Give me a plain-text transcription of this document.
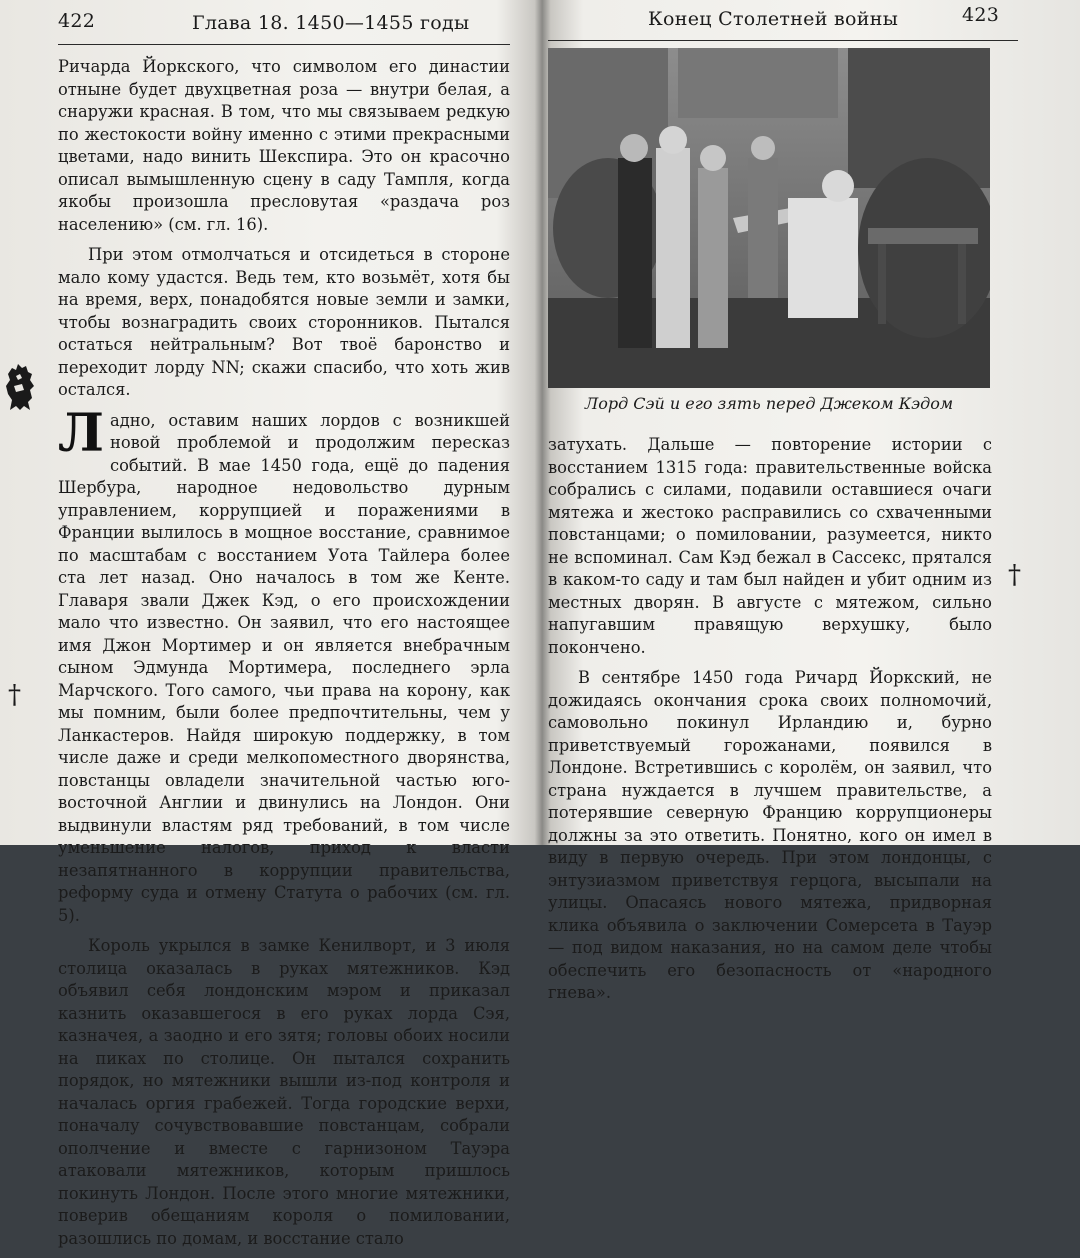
422	Глава 18. 1450—1455 годы
†

Ричарда Йоркского, что символом его династии отныне будет двухцветная роза — внутри белая, а снаружи красная. В том, что мы связываем редкую по жестокости войну именно с этими прекрасными цветами, надо винить Шекспира. Это он красочно описал вымышленную сцену в саду Тампля, когда якобы произошла пресловутая «раздача роз населению» (см. гл. 16).

При этом отмолчаться и отсидеться в стороне мало кому удастся. Ведь тем, кто возьмёт, хотя бы на время, верх, понадобятся новые земли и замки, чтобы вознаградить своих сторонников. Пытался остаться нейтральным? Вот твоё баронство и переходит лорду NN; скажи спасибо, что хоть жив остался.

Ладно, оставим наших лордов с возникшей новой проблемой и продолжим пересказ событий. В мае 1450 года, ещё до падения Шербура, народное недовольство дурным управлением, коррупцией и поражениями в Франции вылилось в мощное восстание, сравнимое по масштабам с восстанием Уота Тайлера более ста лет назад. Оно началось в том же Кенте. Главаря звали Джек Кэд, о его происхождении мало что известно. Он заявил, что его настоящее имя Джон Мортимер и он является внебрачным сыном Эдмунда Мортимера, последнего эрла Марчского. Того самого, чьи права на корону, как мы помним, были более предпочтительны, чем у Ланкастеров. Найдя широкую поддержку, в том числе даже и среди мелкопоместного дворянства, повстанцы овладели значительной частью юго-восточной Англии и двинулись на Лондон. Они выдвинули властям ряд требований, в том числе уменьшение налогов, приход к власти незапятнанного в коррупции правительства, реформу суда и отмену Статута о рабочих (см. гл. 5).

Король укрылся в замке Кенилворт, и 3 июля столица оказалась в руках мятежников. Кэд объявил себя лондонским мэром и приказал казнить оказавшегося в его руках лорда Сэя, казначея, а заодно и его зятя; головы обоих носили на пиках по столице. Он пытался сохранить порядок, но мятежники вышли из-под контроля и началась оргия грабежей. Тогда городские верхи, поначалу сочувствовавшие повстанцам, собрали ополчение и вместе с гарнизоном Тауэра атаковали мятежников, которым пришлось покинуть Лондон. После этого многие мятежники, поверив обещаниям короля о помиловании, разошлись по домам, и восстание стало

Конец Столетней войны	423
Лорд Сэй и его зять перед Джеком Кэдом
†

затухать. Дальше — повторение истории с восстанием 1315 года: правительственные войска собрались с силами, подавили оставшиеся очаги мятежа и жестоко расправились со схваченными повстанцами; о помиловании, разумеется, никто не вспоминал. Сам Кэд бежал в Сассекс, прятался в каком-то саду и там был найден и убит одним из местных дворян. В августе с мятежом, сильно напугавшим правящую верхушку, было покончено.

В сентябре 1450 года Ричард Йоркский, не дожидаясь окончания срока своих полномочий, самовольно покинул Ирландию и, бурно приветствуемый горожанами, появился в Лондоне. Встретившись с королём, он заявил, что страна нуждается в лучшем правительстве, а потерявшие северную Францию коррупционеры должны за это ответить. Понятно, кого он имел в виду в первую очередь. При этом лондонцы, с энтузиазмом приветствуя герцога, высыпали на улицы. Опасаясь нового мятежа, придворная клика объявила о заключении Сомерсета в Тауэр — под видом наказания, но на самом деле чтобы обеспечить его безопасность от «народного гнева».
